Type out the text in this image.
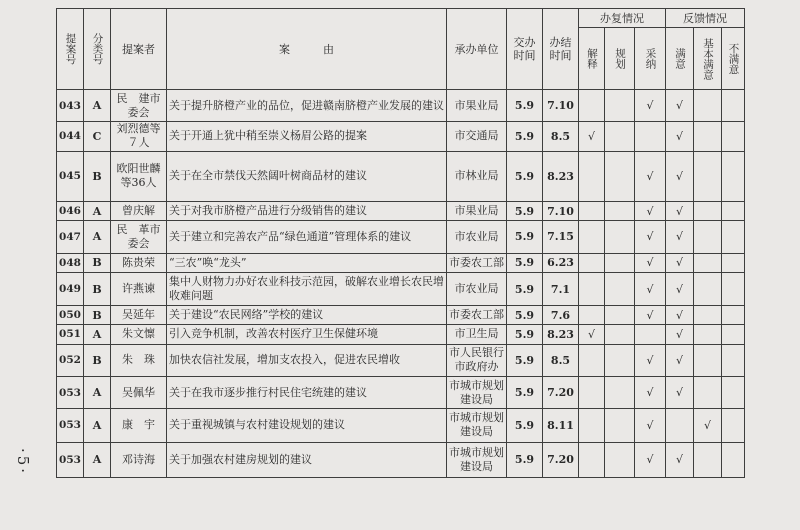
·5·
提案号	分类号	提案者	案　　　由	承办单位	交办时间	办结时间	办复情况			反馈情况		

							解释	规划	采纳	满意	基本满意	不满意

043	A	民　建市委会	关于提升脐橙产业的品位，促进赣南脐橙产业发展的建议	市果业局	5.9	7.10			√	√		
044	C	刘烈德等７人	关于开通上犹中稍至崇义杨眉公路的提案	市交通局	5.9	8.5	√			√		
045	B	欧阳世麟等36人	关于在全市禁伐天然阔叶树商品材的建议	市林业局	5.9	8.23			√	√		
046	A	曾庆解	关于对我市脐橙产品进行分级销售的建议	市果业局	5.9	7.10			√	√		
047	A	民　革市委会	关于建立和完善农产品“绿色通道”管理体系的建议	市农业局	5.9	7.15			√	√		
048	B	陈贵荣	“三农”唤“龙头”	市委农工部	5.9	6.23			√	√		
049	B	许燕谏	集中人财物力办好农业科技示范园，破解农业增长农民增收难问题	市农业局	5.9	7.1			√	√		
050	B	吴延年	关于建设“农民网络”学校的建议	市委农工部	5.9	7.6			√	√		
051	A	朱文懔	引入竞争机制，改善农村医疗卫生保健环境	市卫生局	5.9	8.23	√			√		
052	B	朱　珠	加快农信社发展，增加支农投入，促进农民增收	市人民银行市政府办	5.9	8.5			√	√		
053	A	吴佩华	关于在我市逐步推行村民住宅统建的建议	市城市规划建设局	5.9	7.20			√	√		
053	A	康　宇	关于重视城镇与农村建设规划的建议	市城市规划建设局	5.9	8.11			√		√	
053	A	邓诗海	关于加强农村建房规划的建议	市城市规划建设局	5.9	7.20			√	√		
